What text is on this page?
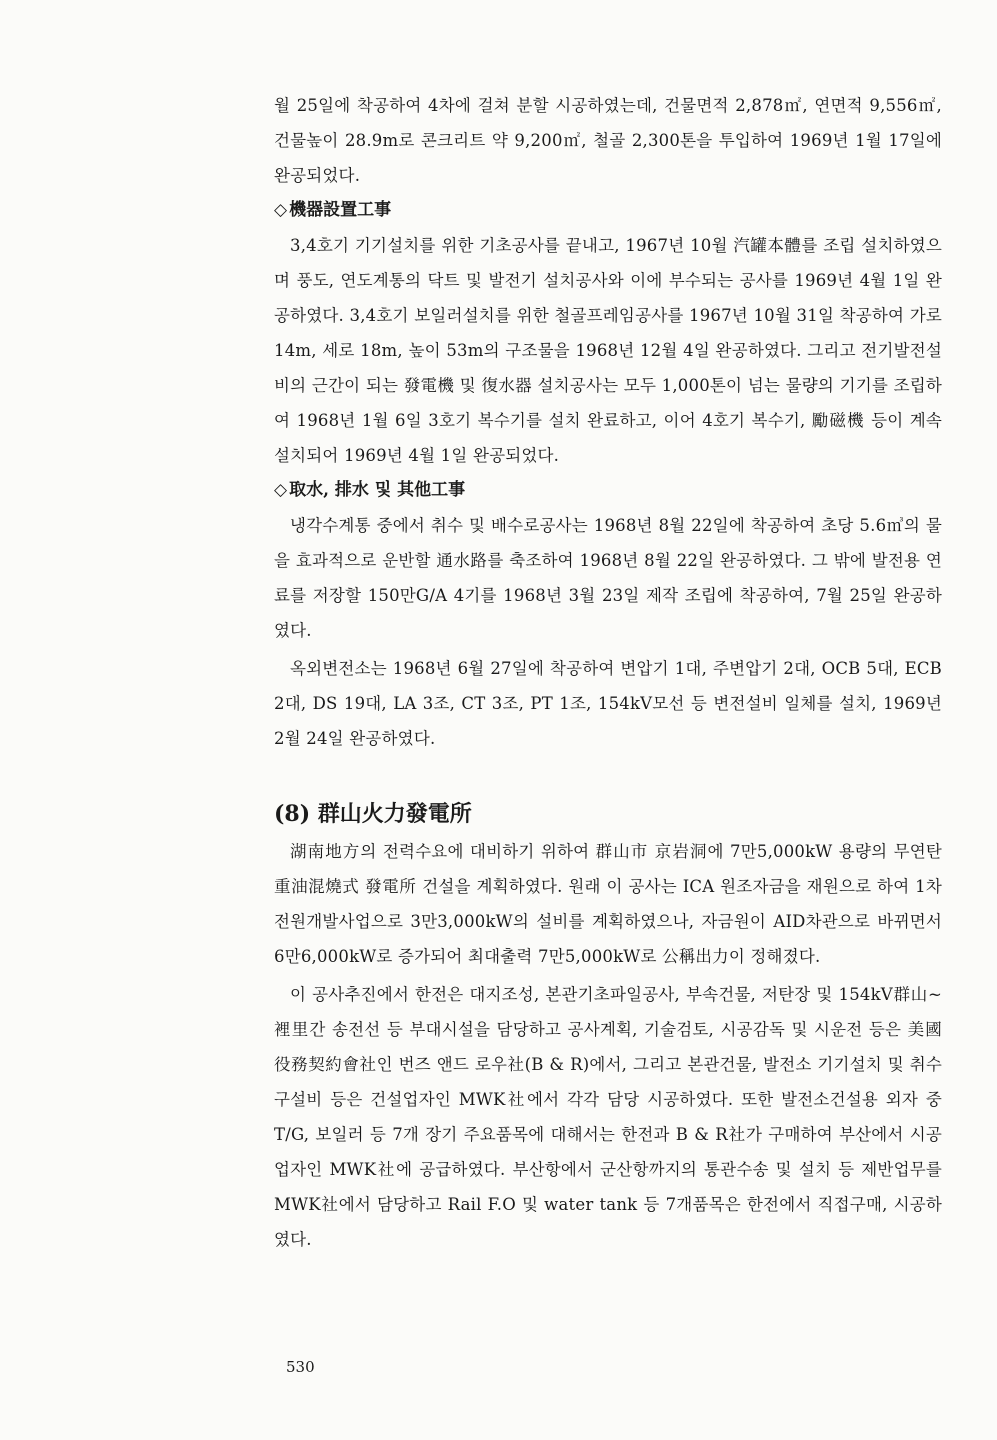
월 25일에 착공하여 4차에 걸쳐 분할 시공하였는데, 건물면적 2,878㎡, 연면적 9,556㎡, 건물높이 28.9m로 콘크리트 약 9,200㎡, 철골 2,300톤을 투입하여 1969년 1월 17일에 완공되었다.

◇ 機器設置工事

3,4호기 기기설치를 위한 기초공사를 끝내고, 1967년 10월 汽罐本體를 조립 설치하였으며 풍도, 연도계통의 닥트 및 발전기 설치공사와 이에 부수되는 공사를 1969년 4월 1일 완공하였다. 3,4호기 보일러설치를 위한 철골프레임공사를 1967년 10월 31일 착공하여 가로 14m, 세로 18m, 높이 53m의 구조물을 1968년 12월 4일 완공하였다. 그리고 전기발전설비의 근간이 되는 發電機 및 復水器 설치공사는 모두 1,000톤이 넘는 물량의 기기를 조립하여 1968년 1월 6일 3호기 복수기를 설치 완료하고, 이어 4호기 복수기, 勵磁機 등이 계속 설치되어 1969년 4월 1일 완공되었다.

◇ 取水, 排水 및 其他工事

냉각수계통 중에서 취수 및 배수로공사는 1968년 8월 22일에 착공하여 초당 5.6㎥의 물을 효과적으로 운반할 通水路를 축조하여 1968년 8월 22일 완공하였다. 그 밖에 발전용 연료를 저장할 150만G/A 4기를 1968년 3월 23일 제작 조립에 착공하여, 7월 25일 완공하였다.

옥외변전소는 1968년 6월 27일에 착공하여 변압기 1대, 주변압기 2대, OCB 5대, ECB 2대, DS 19대, LA 3조, CT 3조, PT 1조, 154kV모선 등 변전설비 일체를 설치, 1969년 2월 24일 완공하였다.

(8) 群山火力發電所

湖南地方의 전력수요에 대비하기 위하여 群山市 京岩洞에 7만5,000kW 용량의 무연탄 重油混燒式 發電所 건설을 계획하였다. 원래 이 공사는 ICA 원조자금을 재원으로 하여 1차 전원개발사업으로 3만3,000kW의 설비를 계획하였으나, 자금원이 AID차관으로 바뀌면서 6만6,000kW로 증가되어 최대출력 7만5,000kW로 公稱出力이 정해졌다.

이 공사추진에서 한전은 대지조성, 본관기초파일공사, 부속건물, 저탄장 및 154kV群山~裡里간 송전선 등 부대시설을 담당하고 공사계획, 기술검토, 시공감독 및 시운전 등은 美國役務契約會社인 번즈 앤드 로우社(B & R)에서, 그리고 본관건물, 발전소 기기설치 및 취수구설비 등은 건설업자인 MWK社에서 각각 담당 시공하였다. 또한 발전소건설용 외자 중 T/G, 보일러 등 7개 장기 주요품목에 대해서는 한전과 B & R社가 구매하여 부산에서 시공업자인 MWK社에 공급하였다. 부산항에서 군산항까지의 통관수송 및 설치 등 제반업무를 MWK社에서 담당하고 Rail F.O 및 water tank 등 7개품목은 한전에서 직접구매, 시공하였다.

530
